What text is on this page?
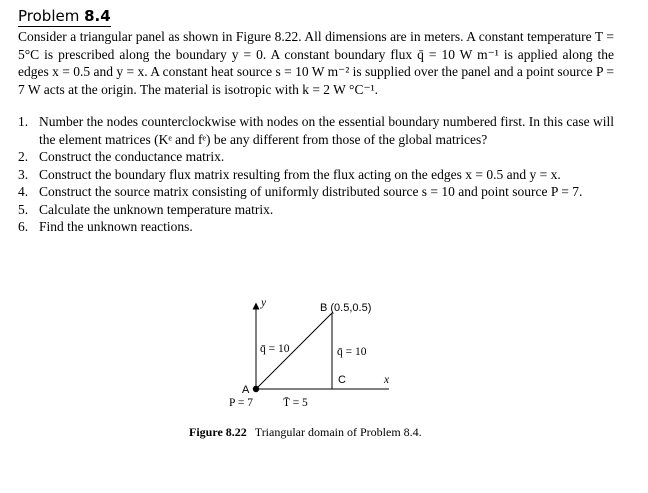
Problem 8.4
Consider a triangular panel as shown in Figure 8.22. All dimensions are in meters. A constant temperature T = 5°C is prescribed along the boundary y = 0. A constant boundary flux q̄ = 10 W m⁻¹ is applied along the edges x = 0.5 and y = x. A constant heat source s = 10 W m⁻² is supplied over the panel and a point source P = 7 W acts at the origin. The material is isotropic with k = 2 W °C⁻¹.
1. Number the nodes counterclockwise with nodes on the essential boundary numbered first. In this case will the element matrices (Kᵉ and fᵉ) be any different from those of the global matrices?
2. Construct the conductance matrix.
3. Construct the boundary flux matrix resulting from the flux acting on the edges x = 0.5 and y = x.
4. Construct the source matrix consisting of uniformly distributed source s = 10 and point source P = 7.
5. Calculate the unknown temperature matrix.
6. Find the unknown reactions.
y
x
A
B (0.5,0.5)
C
q̄ = 10	q̄ = 10
P = 7	T̄ = 5
Figure 8.22 Triangular domain of Problem 8.4.
